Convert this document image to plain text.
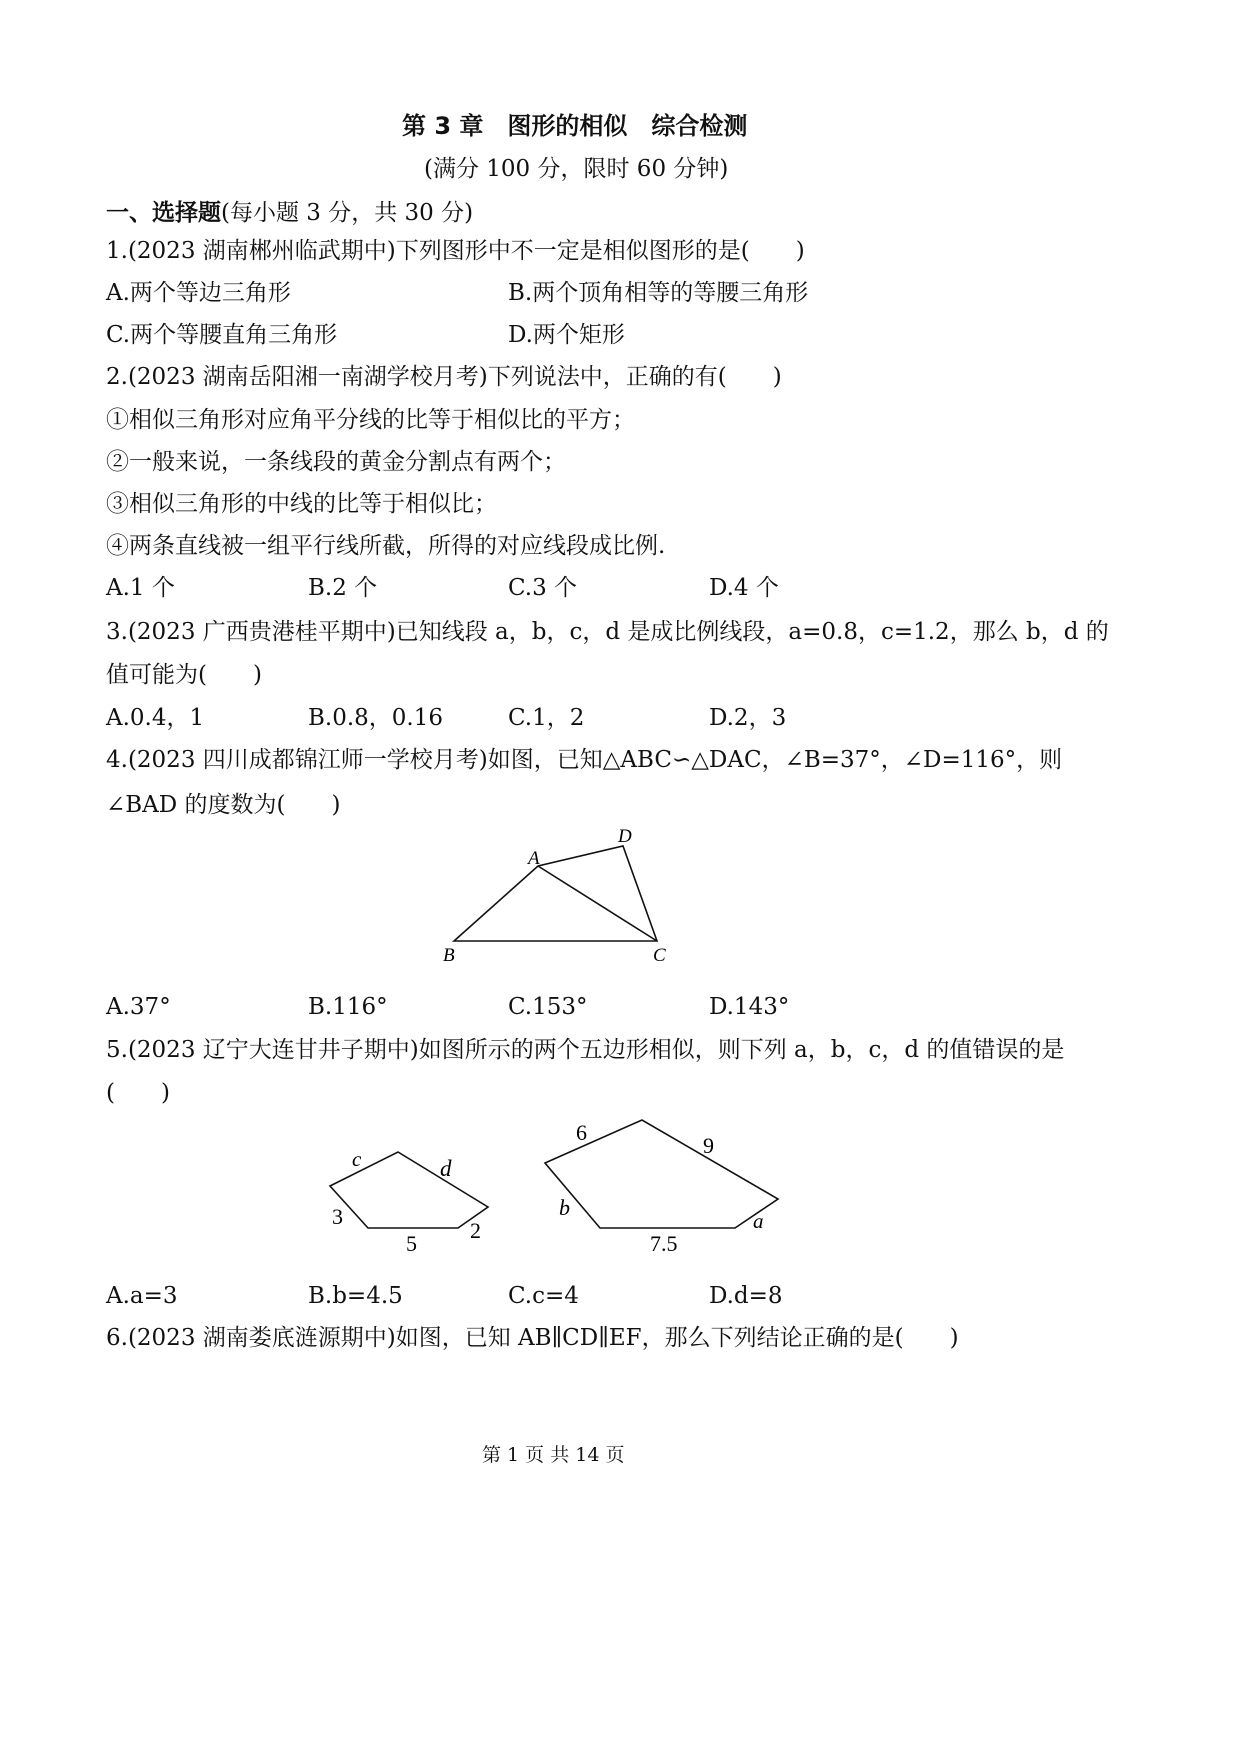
第 3 章　图形的相似　综合检测
(满分 100 分，限时 60 分钟)
一、选择题(每小题 3 分，共 30 分)
1.(2023 湖南郴州临武期中)下列图形中不一定是相似图形的是(　　)
A.两个等边三角形	B.两个顶角相等的等腰三角形
C.两个等腰直角三角形	D.两个矩形
2.(2023 湖南岳阳湘一南湖学校月考)下列说法中，正确的有(　　)
①相似三角形对应角平分线的比等于相似比的平方；
②一般来说，一条线段的黄金分割点有两个；
③相似三角形的中线的比等于相似比；
④两条直线被一组平行线所截，所得的对应线段成比例.
A.1 个	B.2 个	C.3 个	D.4 个
3.(2023 广西贵港桂平期中)已知线段 a，b，c，d 是成比例线段，a=0.8，c=1.2，那么 b，d 的
值可能为(　　)
A.0.4，1	B.0.8，0.16	C.1，2	D.2，3
4.(2023 四川成都锦江师一学校月考)如图，已知△ABC∽△DAC，∠B=37°，∠D=116°，则
∠BAD 的度数为(　　)
A
D
B	C
A.37°	B.116°	C.153°	D.143°
5.(2023 辽宁大连甘井子期中)如图所示的两个五边形相似，则下列 a，b，c，d 的值错误的是
(　　)
c	d
3
5
2
6
9
b
7.5
a
A.a=3	B.b=4.5	C.c=4	D.d=8
6.(2023 湖南娄底涟源期中)如图，已知 AB∥CD∥EF，那么下列结论正确的是(　　)
第 1 页 共 14 页
